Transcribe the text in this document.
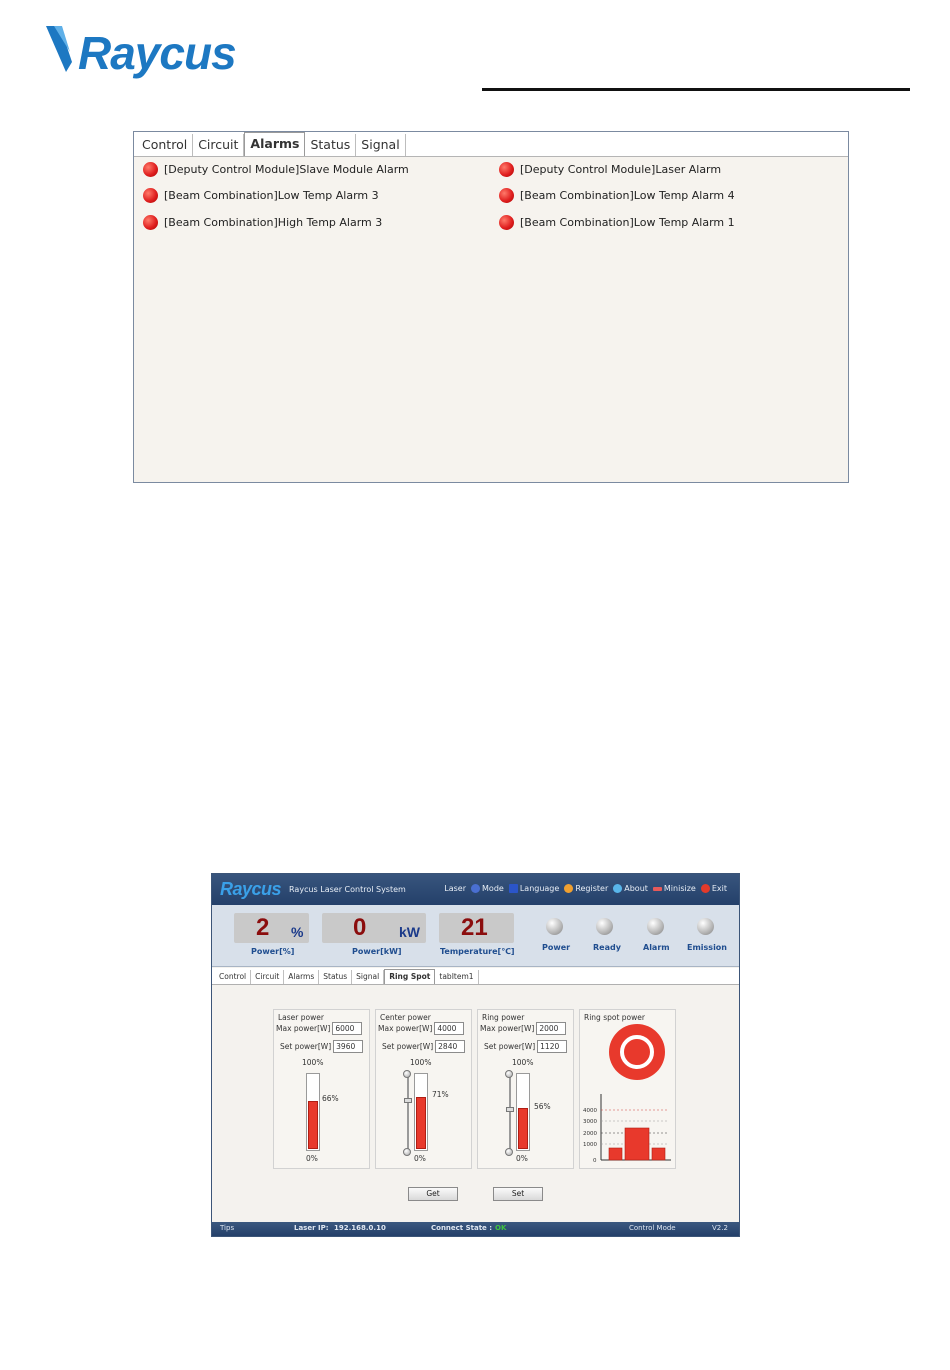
Raycus
Control Circuit Alarms Status Signal
[Deputy Control Module]Slave Module Alarm	[Deputy Control Module]Laser Alarm
[Beam Combination]Low Temp Alarm 3	[Beam Combination]Low Temp Alarm 4
[Beam Combination]High Temp Alarm 3	[Beam Combination]Low Temp Alarm 1
Raycus Raycus Laser Control System	Laser Mode Language Register About Minisize Exit
2 %
Power[%]
0 kW
Power[kW]
21
Temperature[℃]	Power	Ready	Alarm Emission
Control	Circuit	Alarms	Status	Signal	Ring Spot	tabItem1
Laser power
Max power[W] 6000
Set power[W] 3960
100%
66%
0%
Center power
Max power[W] 4000
Set power[W] 2840
100%
71%
0%
Ring power
Max power[W] 2000
Set power[W] 1120
100%
56%
0%
Ring spot power
4000
3000
2000
1000
0
Get	Set
Tips	Laser IP: 192.168.0.10	Connect State : OK	Control Mode	V2.2
